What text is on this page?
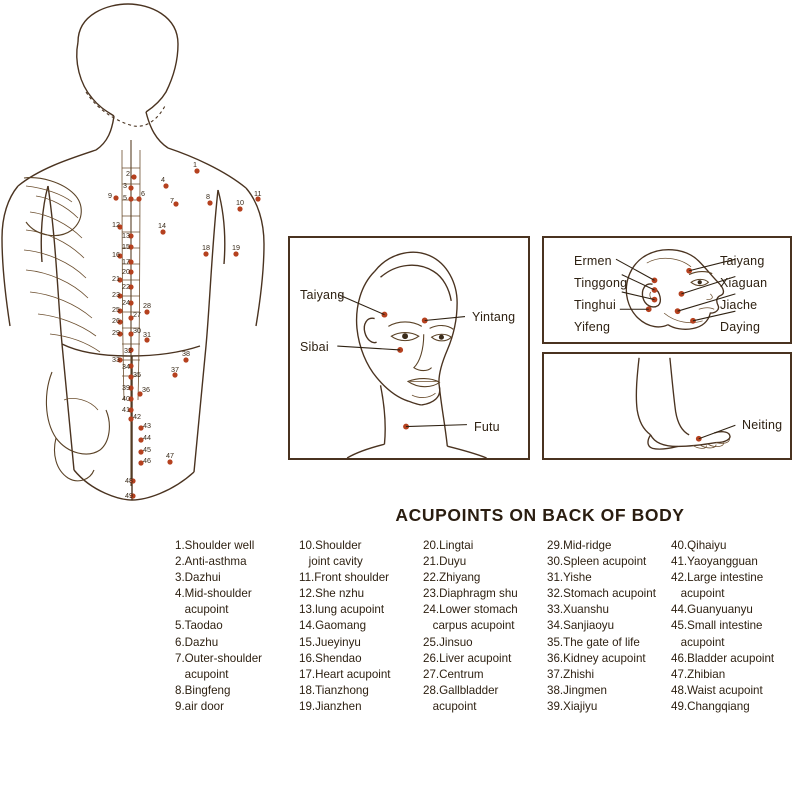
1
2
3
4
5 6
7	8
9
10
11
12
13
14
15
16
17
18	19
20
21
22
23
24
25
26
27
28
29 30 31
32
33
34
35
38
37
39
40
36
41
42
43
44
45
46
47
48
49
Taiyang
Sibai
Yintang
Futu
Ermen
Tinggong
Tinghui
Yifeng
Taiyang
Xiaguan
Jiache
Daying
Neiting
ACUPOINTS ON BACK OF BODY
1.Shoulder well
2.Anti-asthma
3.Dazhui
4.Mid-shoulder
acupoint
5.Taodao
6.Dazhu
7.Outer-shoulder
acupoint
8.Bingfeng
9.air door
10.Shoulder
joint cavity
11.Front shoulder
12.She nzhu
13.lung acupoint
14.Gaomang
15.Jueyinyu
16.Shendao
17.Heart acupoint
18.Tianzhong
19.Jianzhen
20.Lingtai
21.Duyu
22.Zhiyang
23.Diaphragm shu
24.Lower stomach
carpus acupoint
25.Jinsuo
26.Liver acupoint
27.Centrum
28.Gallbladder
acupoint
29.Mid-ridge
30.Spleen acupoint
31.Yishe
32.Stomach acupoint
33.Xuanshu
34.Sanjiaoyu
35.The gate of life
36.Kidney acupoint
37.Zhishi
38.Jingmen
39.Xiajiyu
40.Qihaiyu
41.Yaoyangguan
42.Large intestine
acupoint
44.Guanyuanyu
45.Small intestine
acupoint
46.Bladder acupoint
47.Zhibian
48.Waist acupoint
49.Changqiang
